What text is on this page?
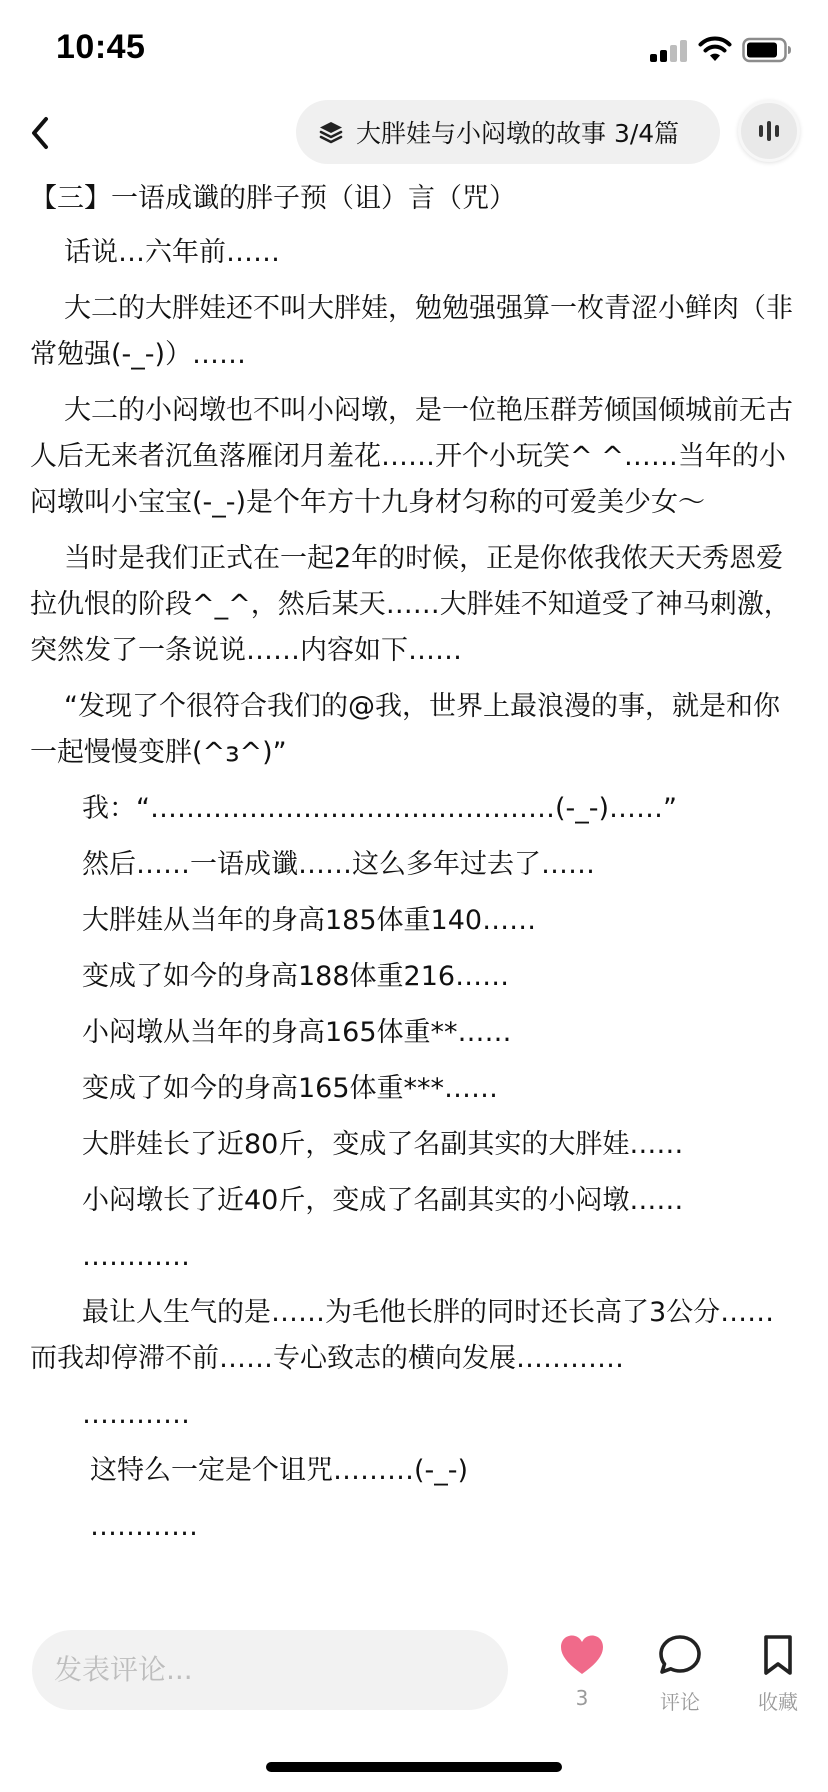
10:45
大胖娃与小闷墩的故事 3/4篇

【三】一语成谶的胖子预（诅）言（咒）

话说…六年前……

大二的大胖娃还不叫大胖娃，勉勉强强算一枚青涩小鲜肉（非常勉强(-_-)）……

大二的小闷墩也不叫小闷墩，是一位艳压群芳倾国倾城前无古人后无来者沉鱼落雁闭月羞花……开个小玩笑^ ^……当年的小闷墩叫小宝宝(-_-)是个年方十九身材匀称的可爱美少女～

当时是我们正式在一起2年的时候，正是你侬我侬天天秀恩爱拉仇恨的阶段^_^，然后某天……大胖娃不知道受了神马刺激，突然发了一条说说……内容如下……

“发现了个很符合我们的@我，世界上最浪漫的事，就是和你一起慢慢变胖(^ɜ^)”

我：“………………………………………(-_-)……”

然后……一语成谶……这么多年过去了……

大胖娃从当年的身高185体重140……

变成了如今的身高188体重216……

小闷墩从当年的身高165体重**……

变成了如今的身高165体重***……

大胖娃长了近80斤，变成了名副其实的大胖娃……

小闷墩长了近40斤，变成了名副其实的小闷墩……

…………

最让人生气的是……为毛他长胖的同时还长高了3公分……而我却停滞不前……专心致志的横向发展…………

…………

这特么一定是个诅咒………(-_-)

…………

发表评论...
3	评论	收藏
